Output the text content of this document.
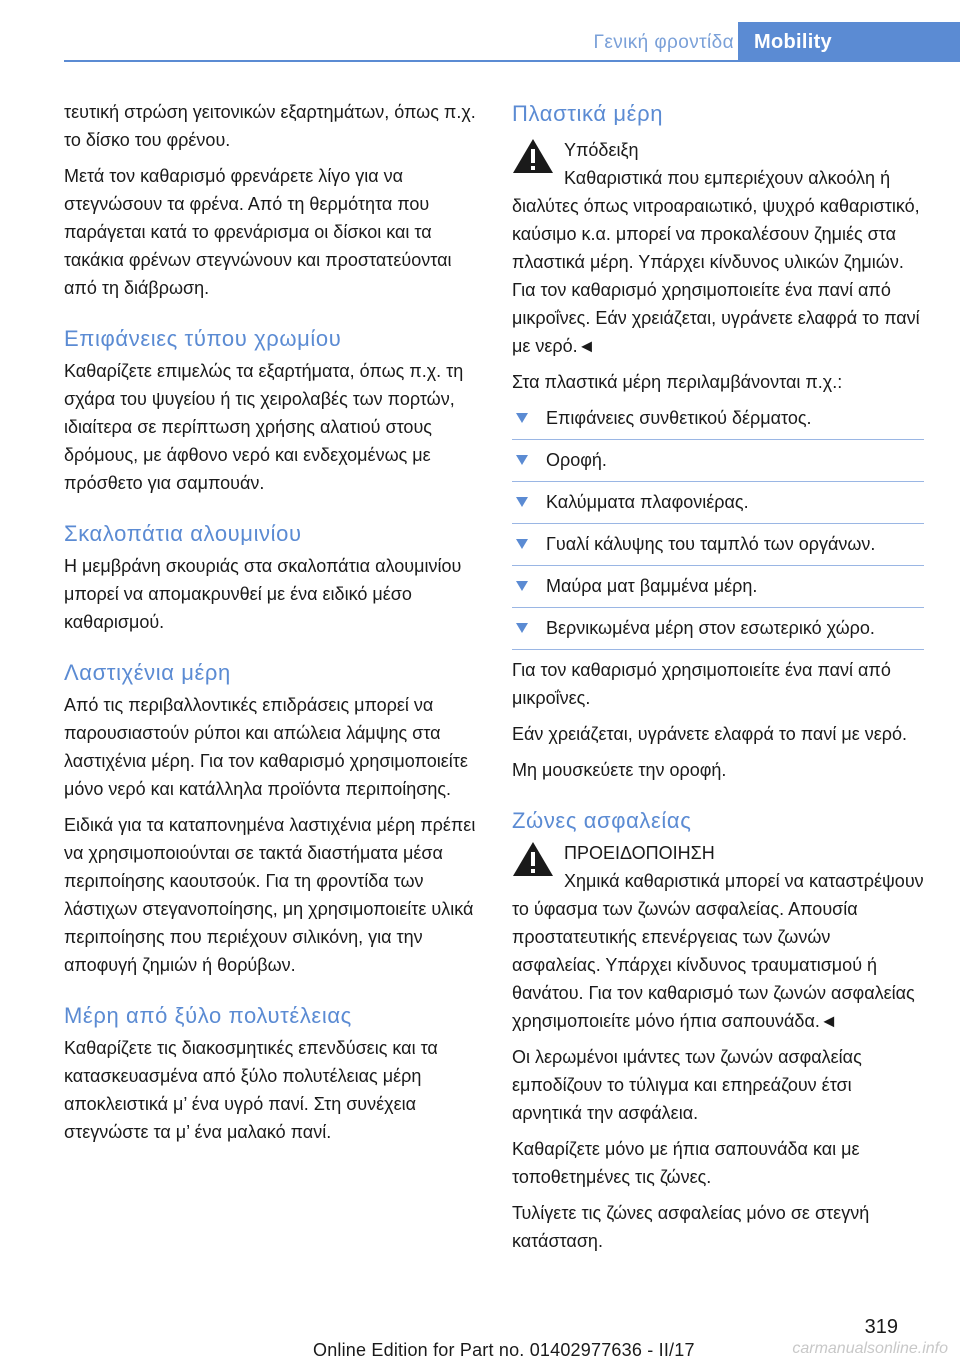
Γενική φροντίδα	Mobility

τευτική στρώση γειτονικών εξαρτημάτων, όπως π.χ. το δίσκο του φρένου.

Μετά τον καθαρισμό φρενάρετε λίγο για να στεγνώσουν τα φρένα. Από τη θερμότητα που παράγεται κατά το φρενάρισμα οι δίσκοι και τα τακάκια φρένων στεγνώνουν και προστατεύονται από τη διάβρωση.

Επιφάνειες τύπου χρωμίου

Καθαρίζετε επιμελώς τα εξαρτήματα, όπως π.χ. τη σχάρα του ψυγείου ή τις χειρολαβές των πορτών, ιδιαίτερα σε περίπτωση χρήσης αλατιού στους δρόμους, με άφθονο νερό και ενδεχομένως με πρόσθετο για σαμπουάν.

Σκαλοπάτια αλουμινίου

Η μεμβράνη σκουριάς στα σκαλοπάτια αλουμινίου μπορεί να απομακρυνθεί με ένα ειδικό μέσο καθαρισμού.

Λαστιχένια μέρη

Από τις περιβαλλοντικές επιδράσεις μπορεί να παρουσιαστούν ρύποι και απώλεια λάμψης στα λαστιχένια μέρη. Για τον καθαρισμό χρησιμοποιείτε μόνο νερό και κατάλληλα προϊόντα περιποίησης.

Ειδικά για τα καταπονημένα λαστιχένια μέρη πρέπει να χρησιμοποιούνται σε τακτά διαστήματα μέσα περιποίησης καουτσούκ. Για τη φροντίδα των λάστιχων στεγανοποίησης, μη χρησιμοποιείτε υλικά περιποίησης που περιέχουν σιλικόνη, για την αποφυγή ζημιών ή θορύβων.

Μέρη από ξύλο πολυτέλειας

Καθαρίζετε τις διακοσμητικές επενδύσεις και τα κατασκευασμένα από ξύλο πολυτέλειας μέρη αποκλειστικά μ’ ένα υγρό πανί. Στη συνέχεια στεγνώστε τα μ’ ένα μαλακό πανί.

Πλαστικά μέρη
Υπόδειξη
Καθαριστικά που εμπεριέχουν αλκοόλη ή διαλύτες όπως νιτροαραιωτικό, ψυχρό καθαριστικό, καύσιμο κ.α. μπορεί να προκαλέσουν ζημιές στα πλαστικά μέρη. Υπάρχει κίνδυνος υλικών ζημιών. Για τον καθαρισμό χρησιμοποιείτε ένα πανί από μικροΐνες. Εάν χρειάζεται, υγράνετε ελαφρά το πανί με νερό.◄

Στα πλαστικά μέρη περιλαμβάνονται π.χ.:

Επιφάνειες συνθετικού δέρματος.
Οροφή.
Καλύμματα πλαφονιέρας.
Γυαλί κάλυψης του ταμπλό των οργάνων.
Μαύρα ματ βαμμένα μέρη.
Βερνικωμένα μέρη στον εσωτερικό χώρο.

Για τον καθαρισμό χρησιμοποιείτε ένα πανί από μικροΐνες.

Εάν χρειάζεται, υγράνετε ελαφρά το πανί με νερό.

Μη μουσκεύετε την οροφή.

Ζώνες ασφαλείας
ΠΡΟΕΙΔΟΠΟΙΗΣΗ
Χημικά καθαριστικά μπορεί να καταστρέψουν το ύφασμα των ζωνών ασφαλείας. Απουσία προστατευτικής επενέργειας των ζωνών ασφαλείας. Υπάρχει κίνδυνος τραυματισμού ή θανάτου. Για τον καθαρισμό των ζωνών ασφαλείας χρησιμοποιείτε μόνο ήπια σαπουνάδα.◄

Οι λερωμένοι ιμάντες των ζωνών ασφαλείας εμποδίζουν το τύλιγμα και επηρεάζουν έτσι αρνητικά την ασφάλεια.

Καθαρίζετε μόνο με ήπια σαπουνάδα και με τοποθετημένες τις ζώνες.

Τυλίγετε τις ζώνες ασφαλείας μόνο σε στεγνή κατάσταση.

319
Online Edition for Part no. 01402977636 - II/17	carmanualsonline.info
